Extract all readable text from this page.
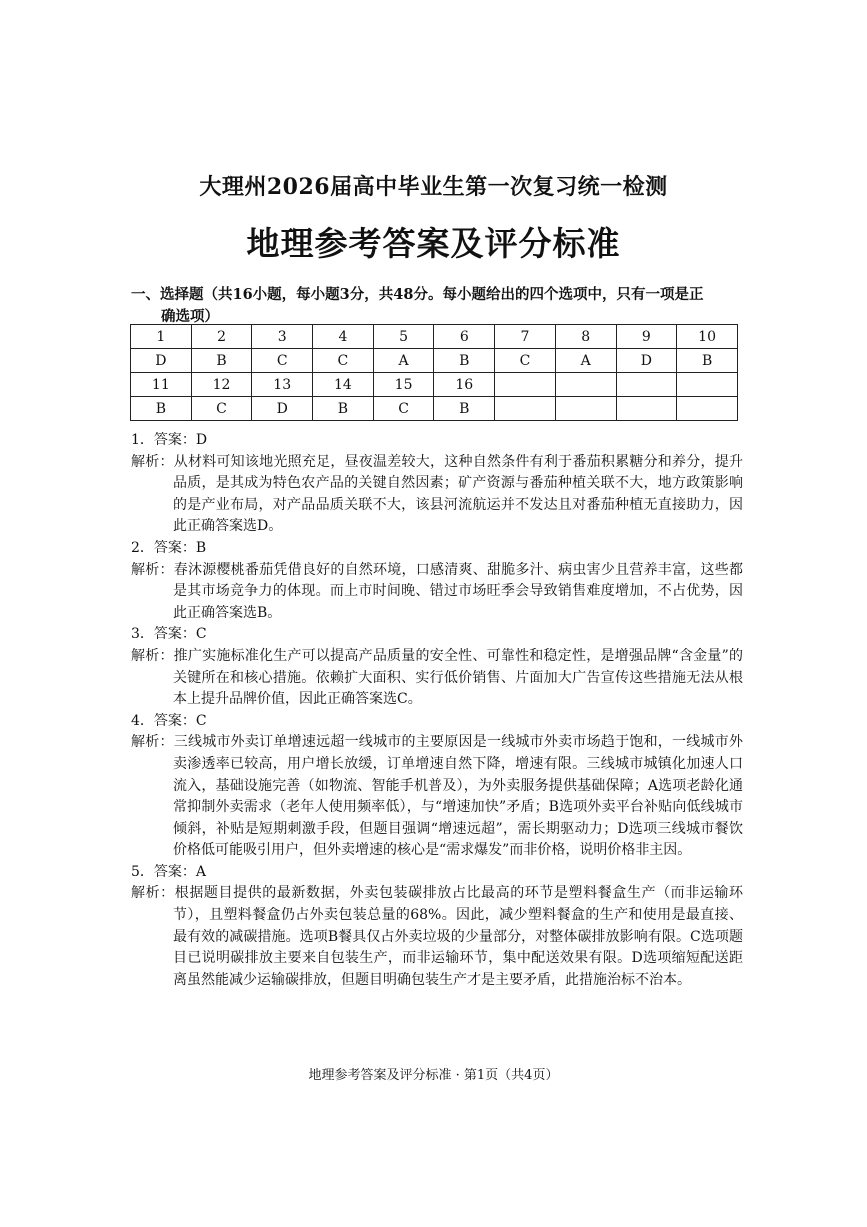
大理州2026届高中毕业生第一次复习统一检测
地理参考答案及评分标准
一、选择题（共16小题，每小题3分，共48分。每小题给出的四个选项中，只有一项是正
确选项）
1	2	3	4	5	6	7	8	9	10
D	B	C	C	A	B	C	A	D	B
11	12	13	14	15	16				
B	C	D	B	C	B				

1．答案：D

解析：从材料可知该地光照充足，昼夜温差较大，这种自然条件有利于番茄积累糖分和养分，提升品质，是其成为特色农产品的关键自然因素；矿产资源与番茄种植关联不大，地方政策影响的是产业布局，对产品品质关联不大，该县河流航运并不发达且对番茄种植无直接助力，因此正确答案选D。

2．答案：B

解析：春沐源樱桃番茄凭借良好的自然环境，口感清爽、甜脆多汁、病虫害少且营养丰富，这些都是其市场竞争力的体现。而上市时间晚、错过市场旺季会导致销售难度增加，不占优势，因此正确答案选B。

3．答案：C

解析：推广实施标准化生产可以提高产品质量的安全性、可靠性和稳定性，是增强品牌“含金量”的关键所在和核心措施。依赖扩大面积、实行低价销售、片面加大广告宣传这些措施无法从根本上提升品牌价值，因此正确答案选C。

4．答案：C

解析：三线城市外卖订单增速远超一线城市的主要原因是一线城市外卖市场趋于饱和，一线城市外卖渗透率已较高，用户增长放缓，订单增速自然下降，增速有限。三线城市城镇化加速人口流入，基础设施完善（如物流、智能手机普及），为外卖服务提供基础保障；A选项老龄化通常抑制外卖需求（老年人使用频率低），与“增速加快”矛盾；B选项外卖平台补贴向低线城市倾斜，补贴是短期刺激手段，但题目强调“增速远超”，需长期驱动力；D选项三线城市餐饮价格低可能吸引用户，但外卖增速的核心是“需求爆发”而非价格，说明价格非主因。

5．答案：A

解析：根据题目提供的最新数据，外卖包装碳排放占比最高的环节是塑料餐盒生产（而非运输环节），且塑料餐盒仍占外卖包装总量的68%。因此，减少塑料餐盒的生产和使用是最直接、最有效的减碳措施。选项B餐具仅占外卖垃圾的少量部分，对整体碳排放影响有限。C选项题目已说明碳排放主要来自包装生产，而非运输环节，集中配送效果有限。D选项缩短配送距离虽然能减少运输碳排放，但题目明确包装生产才是主要矛盾，此措施治标不治本。

地理参考答案及评分标准 · 第1页（共4页）
